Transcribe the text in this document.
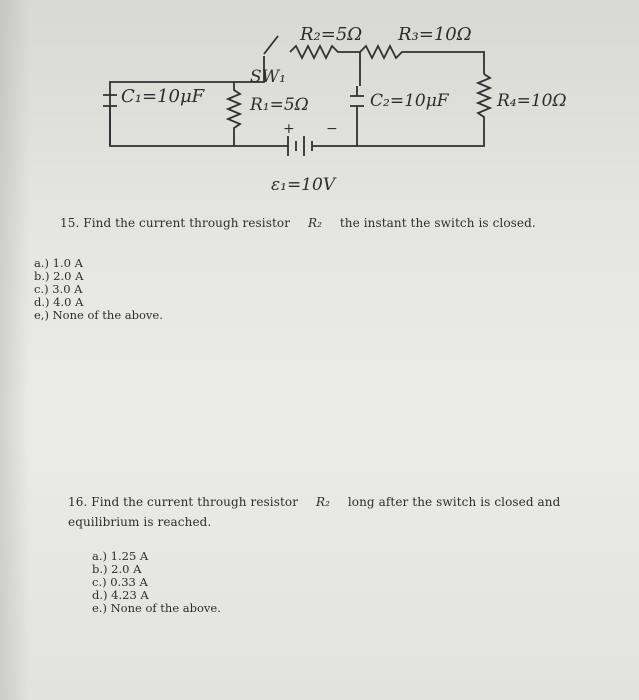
R₂=5Ω R₃=10Ω
C₁=10μF
SW₁
R₁=5Ω	C₂=10μF	R₄=10Ω
ε₁=10V
+ −
15. Find the current through resistor R₂ the instant the switch is closed.
a.) 1.0 A
b.) 2.0 A
c.) 3.0 A
d.) 4.0 A
e,) None of the above.
16. Find the current through resistor R₂ long after the switch is closed and equilibrium is reached.
a.) 1.25 A
b.) 2.0 A
c.) 0.33 A
d.) 4.23 A
e.) None of the above.
